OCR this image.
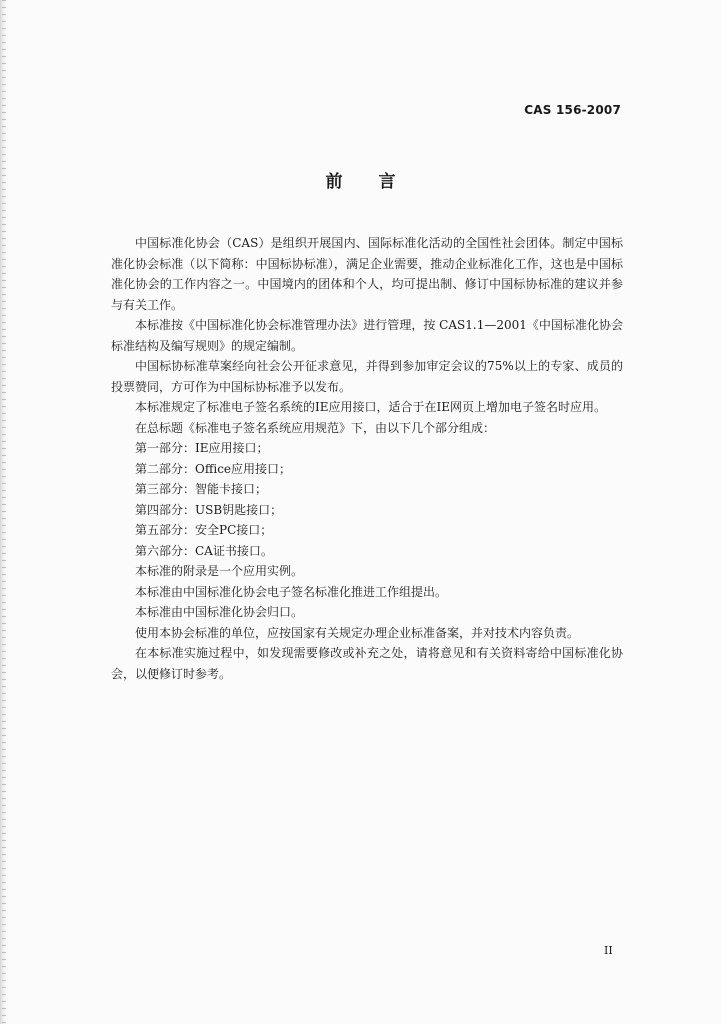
CAS 156-2007
前言

中国标准化协会（CAS）是组织开展国内、国际标准化活动的全国性社会团体。制定中国标准化协会标准（以下简称：中国标协标准），满足企业需要，推动企业标准化工作，这也是中国标准化协会的工作内容之一。中国境内的团体和个人，均可提出制、修订中国标协标准的建议并参与有关工作。

本标准按《中国标准化协会标准管理办法》进行管理，按 CAS1.1—2001《中国标准化协会标准结构及编写规则》的规定编制。

中国标协标准草案经向社会公开征求意见，并得到参加审定会议的75%以上的专家、成员的投票赞同，方可作为中国标协标准予以发布。

本标准规定了标准电子签名系统的IE应用接口，适合于在IE网页上增加电子签名时应用。

在总标题《标准电子签名系统应用规范》下，由以下几个部分组成：

第一部分：IE应用接口；

第二部分：Office应用接口；

第三部分：智能卡接口；

第四部分：USB钥匙接口；

第五部分：安全PC接口；

第六部分：CA证书接口。

本标准的附录是一个应用实例。

本标准由中国标准化协会电子签名标准化推进工作组提出。

本标准由中国标准化协会归口。

使用本协会标准的单位，应按国家有关规定办理企业标准备案，并对技术内容负责。

在本标准实施过程中，如发现需要修改或补充之处，请将意见和有关资料寄给中国标准化协会，以便修订时参考。

II
